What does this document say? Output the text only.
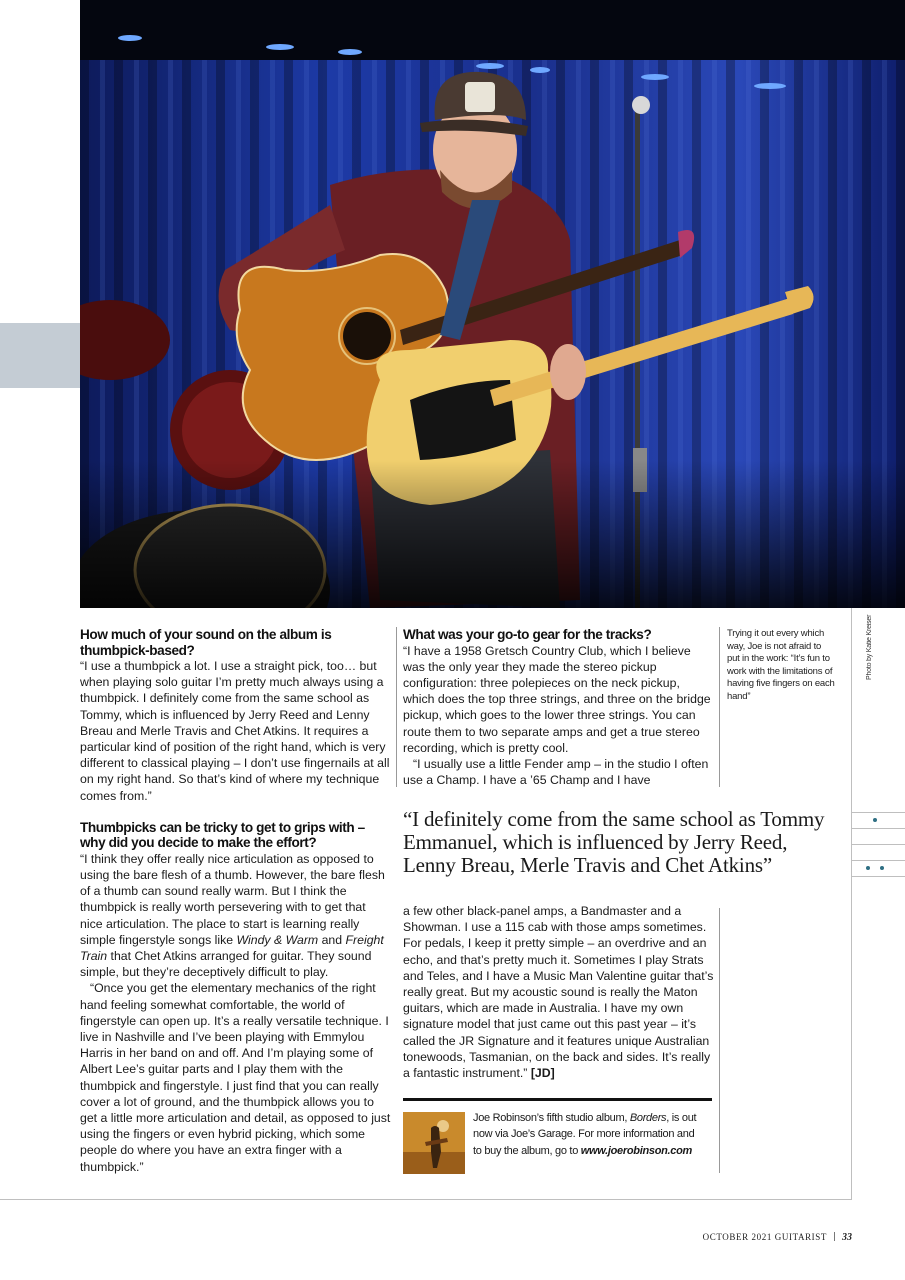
How much of your sound on the album is thumbpick-based?

“I use a thumbpick a lot. I use a straight pick, too… but when playing solo guitar I’m pretty much always using a thumbpick. I definitely come from the same school as Tommy, which is influenced by Jerry Reed and Lenny Breau and Merle Travis and Chet Atkins. It requires a particular kind of position of the right hand, which is very different to classical playing – I don’t use fingernails at all on my right hand. So that’s kind of where my technique comes from.”

Thumbpicks can be tricky to get to grips with – why did you decide to make the effort?

“I think they offer really nice articulation as opposed to using the bare flesh of a thumb. However, the bare flesh of a thumb can sound really warm. But I think the thumbpick is really worth persevering with to get that nice articulation. The place to start is learning really simple fingerstyle songs like Windy & Warm and Freight Train that Chet Atkins arranged for guitar. They sound simple, but they’re deceptively difficult to play.

“Once you get the elementary mechanics of the right hand feeling somewhat comfortable, the world of fingerstyle can open up. It’s a really versatile technique. I live in Nashville and I’ve been playing with Emmylou Harris in her band on and off. And I’m playing some of Albert Lee’s guitar parts and I play them with the thumbpick and fingerstyle. I just find that you can really cover a lot of ground, and the thumbpick allows you to get a little more articulation and detail, as opposed to just using the fingers or even hybrid picking, which some people do where you have an extra finger with a thumbpick.”

What was your go-to gear for the tracks?

“I have a 1958 Gretsch Country Club, which I believe was the only year they made the stereo pickup configuration: three polepieces on the neck pickup, which does the top three strings, and three on the bridge pickup, which goes to the lower three strings. You can route them to two separate amps and get a true stereo recording, which is pretty cool.

“I usually use a little Fender amp – in the studio I often use a Champ. I have a ’65 Champ and I have

Trying it out every which way, Joe is not afraid to put in the work: “It’s fun to work with the limitations of having five fingers on each hand”
Photo by Katie Kreiser
“I definitely come from the same school as Tommy Emmanuel, which is influenced by Jerry Reed, Lenny Breau, Merle Travis and Chet Atkins”

a few other black-panel amps, a Bandmaster and a Showman. I use a 115 cab with those amps sometimes. For pedals, I keep it pretty simple – an overdrive and an echo, and that’s pretty much it. Sometimes I play Strats and Teles, and I have a Music Man Valentine guitar that’s really great. But my acoustic sound is really the Maton guitars, which are made in Australia. I have my own signature model that just came out this past year – it’s called the JR Signature and it features unique Australian tonewoods, Tasmanian, on the back and sides. It’s really a fantastic instrument.” [JD]

Joe Robinson’s fifth studio album, Borders, is out now via Joe’s Garage. For more information and to buy the album, go to www.joerobinson.com
OCTOBER 2021 GUITARIST 33
